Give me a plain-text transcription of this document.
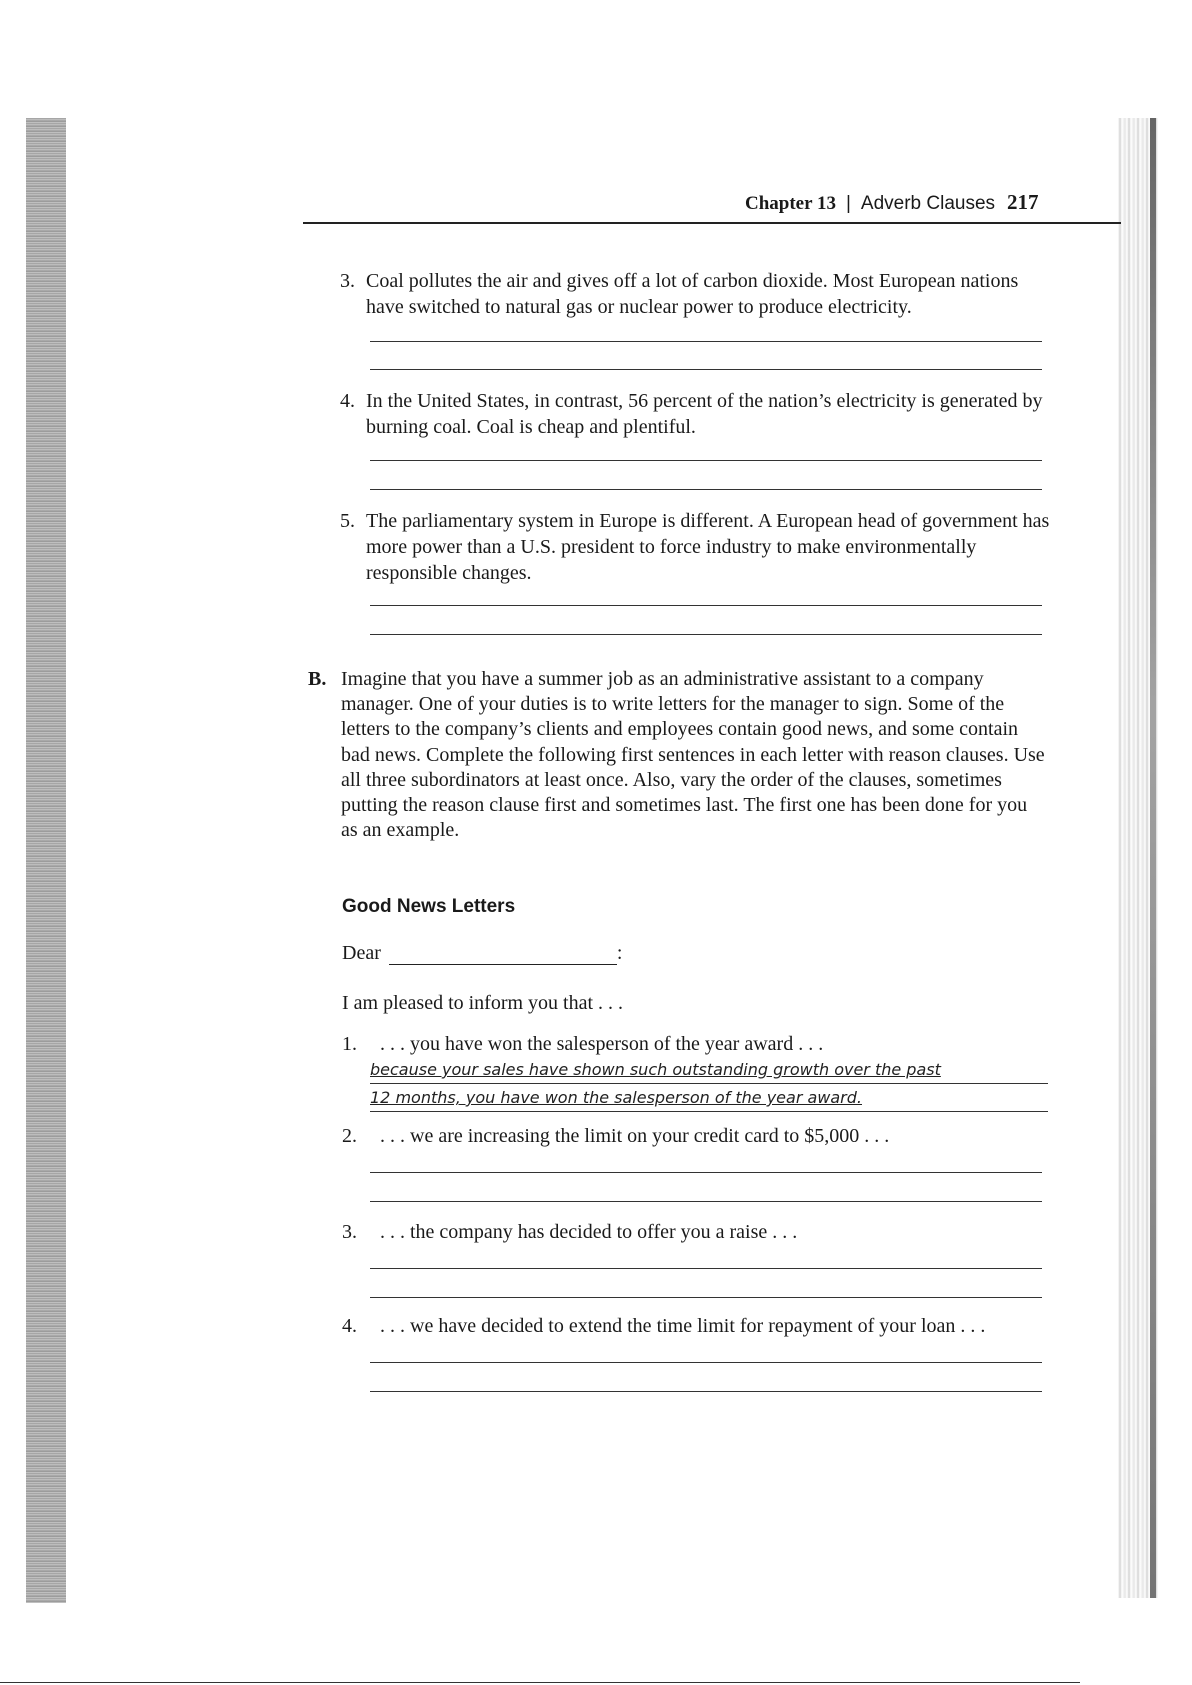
Chapter 13 | Adverb Clauses 217
3. Coal pollutes the air and gives off a lot of carbon dioxide. Most European nations have switched to natural gas or nuclear power to produce electricity.
4. In the United States, in contrast, 56 percent of the nation’s electricity is generated by burning coal. Coal is cheap and plentiful.
5. The parliamentary system in Europe is different. A European head of government has more power than a U.S. president to force industry to make environmentally responsible changes.
B. Imagine that you have a summer job as an administrative assistant to a company manager. One of your duties is to write letters for the manager to sign. Some of the letters to the company’s clients and employees contain good news, and some contain bad news. Complete the following first sentences in each letter with reason clauses. Use all three subordinators at least once. Also, vary the order of the clauses, sometimes putting the reason clause first and sometimes last. The first one has been done for you as an example.
Good News Letters
Dear	:
I am pleased to inform you that . . .
1. . . . you have won the salesperson of the year award . . .
because your sales have shown such outstanding growth over the past
12 months, you have won the salesperson of the year award.
2. . . . we are increasing the limit on your credit card to $5,000 . . .
3. . . . the company has decided to offer you a raise . . .
4. . . . we have decided to extend the time limit for repayment of your loan . . .
